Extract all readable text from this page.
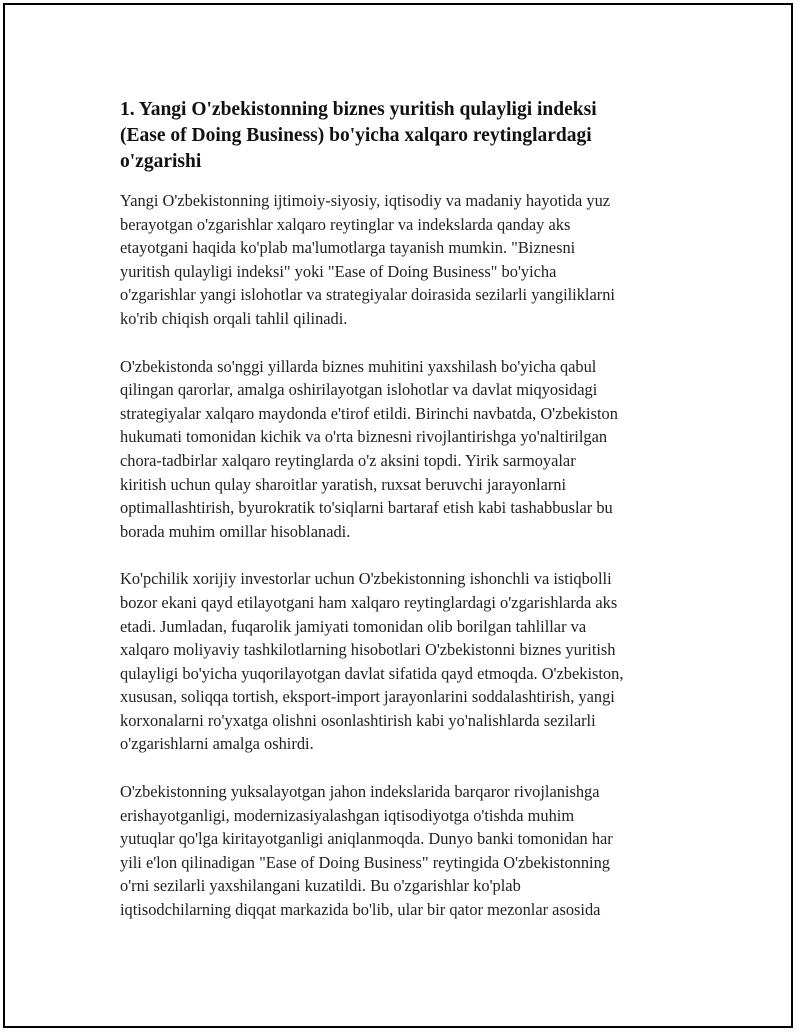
1. Yangi O'zbekistonning biznes yuritish qulayligi indeksi
(Ease of Doing Business) bo'yicha xalqaro reytinglardagi
o'zgarishi

Yangi O'zbekistonning ijtimoiy-siyosiy, iqtisodiy va madaniy hayotida yuz
berayotgan o'zgarishlar xalqaro reytinglar va indekslarda qanday aks
etayotgani haqida ko'plab ma'lumotlarga tayanish mumkin. "Biznesni
yuritish qulayligi indeksi" yoki "Ease of Doing Business" bo'yicha
o'zgarishlar yangi islohotlar va strategiyalar doirasida sezilarli yangiliklarni
ko'rib chiqish orqali tahlil qilinadi.

O'zbekistonda so'nggi yillarda biznes muhitini yaxshilash bo'yicha qabul
qilingan qarorlar, amalga oshirilayotgan islohotlar va davlat miqyosidagi
strategiyalar xalqaro maydonda e'tirof etildi. Birinchi navbatda, O'zbekiston
hukumati tomonidan kichik va o'rta biznesni rivojlantirishga yo'naltirilgan
chora-tadbirlar xalqaro reytinglarda o'z aksini topdi. Yirik sarmoyalar
kiritish uchun qulay sharoitlar yaratish, ruxsat beruvchi jarayonlarni
optimallashtirish, byurokratik to'siqlarni bartaraf etish kabi tashabbuslar bu
borada muhim omillar hisoblanadi.

Ko'pchilik xorijiy investorlar uchun O'zbekistonning ishonchli va istiqbolli
bozor ekani qayd etilayotgani ham xalqaro reytinglardagi o'zgarishlarda aks
etadi. Jumladan, fuqarolik jamiyati tomonidan olib borilgan tahlillar va
xalqaro moliyaviy tashkilotlarning hisobotlari O'zbekistonni biznes yuritish
qulayligi bo'yicha yuqorilayotgan davlat sifatida qayd etmoqda. O'zbekiston,
xususan, soliqqa tortish, eksport-import jarayonlarini soddalashtirish, yangi
korxonalarni ro'yxatga olishni osonlashtirish kabi yo'nalishlarda sezilarli
o'zgarishlarni amalga oshirdi.

O'zbekistonning yuksalayotgan jahon indekslarida barqaror rivojlanishga
erishayotganligi, modernizasiyalashgan iqtisodiyotga o'tishda muhim
yutuqlar qo'lga kiritayotganligi aniqlanmoqda. Dunyo banki tomonidan har
yili e'lon qilinadigan "Ease of Doing Business" reytingida O'zbekistonning
o'rni sezilarli yaxshilangani kuzatildi. Bu o'zgarishlar ko'plab
iqtisodchilarning diqqat markazida bo'lib, ular bir qator mezonlar asosida
